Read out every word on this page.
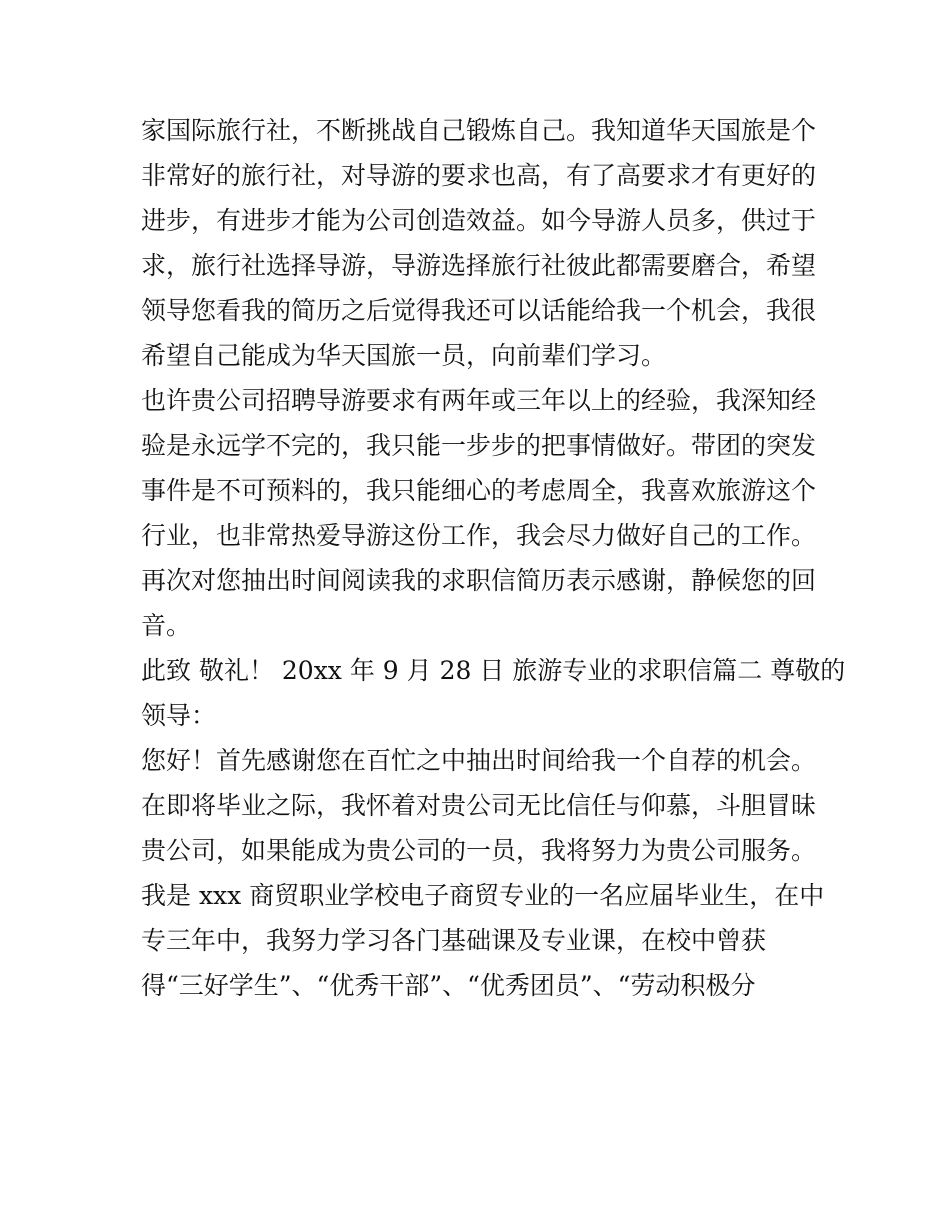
家国际旅行社，不断挑战自己锻炼自己。我知道华天国旅是个
非常好的旅行社，对导游的要求也高，有了高要求才有更好的
进步，有进步才能为公司创造效益。如今导游人员多，供过于
求，旅行社选择导游，导游选择旅行社彼此都需要磨合，希望
领导您看我的简历之后觉得我还可以话能给我一个机会，我很
希望自己能成为华天国旅一员，向前辈们学习。
也许贵公司招聘导游要求有两年或三年以上的经验，我深知经
验是永远学不完的，我只能一步步的把事情做好。带团的突发
事件是不可预料的，我只能细心的考虑周全，我喜欢旅游这个
行业，也非常热爱导游这份工作，我会尽力做好自己的工作。
再次对您抽出时间阅读我的求职信简历表示感谢，静候您的回
音。
此致 敬礼！ 20xx 年 9 月 28 日 旅游专业的求职信篇二 尊敬的
领导：
您好！首先感谢您在百忙之中抽出时间给我一个自荐的机会。
在即将毕业之际，我怀着对贵公司无比信任与仰慕，斗胆冒昧
贵公司，如果能成为贵公司的一员，我将努力为贵公司服务。
我是 xxx 商贸职业学校电子商贸专业的一名应届毕业生，在中
专三年中，我努力学习各门基础课及专业课，在校中曾获
得“三好学生”、“优秀干部”、“优秀团员”、“劳动积极分
